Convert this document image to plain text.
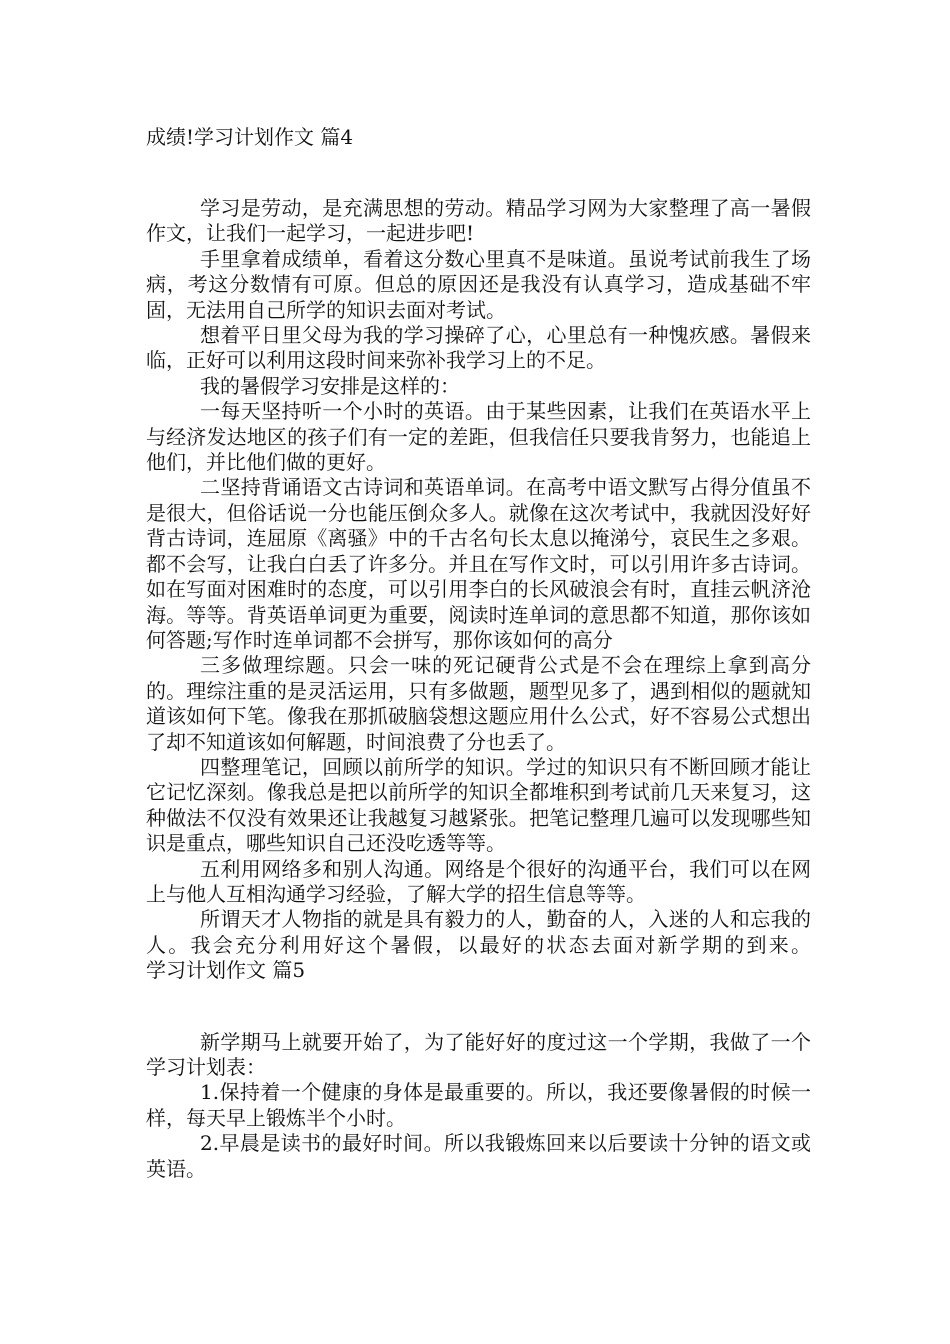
成绩!学习计划作文 篇4

学习是劳动，是充满思想的劳动。精品学习网为大家整理了高一暑假作文，让我们一起学习，一起进步吧!

手里拿着成绩单，看着这分数心里真不是味道。虽说考试前我生了场病，考这分数情有可原。但总的原因还是我没有认真学习，造成基础不牢固，无法用自己所学的知识去面对考试。

想着平日里父母为我的学习操碎了心，心里总有一种愧疚感。暑假来临，正好可以利用这段时间来弥补我学习上的不足。

我的暑假学习安排是这样的：

一每天坚持听一个小时的英语。由于某些因素，让我们在英语水平上与经济发达地区的孩子们有一定的差距，但我信任只要我肯努力，也能追上他们，并比他们做的更好。

二坚持背诵语文古诗词和英语单词。在高考中语文默写占得分值虽不是很大，但俗话说一分也能压倒众多人。就像在这次考试中，我就因没好好背古诗词，连屈原《离骚》中的千古名句长太息以掩涕兮，哀民生之多艰。都不会写，让我白白丢了许多分。并且在写作文时，可以引用许多古诗词。如在写面对困难时的态度，可以引用李白的长风破浪会有时，直挂云帆济沧海。等等。背英语单词更为重要，阅读时连单词的意思都不知道，那你该如何答题;写作时连单词都不会拼写，那你该如何的高分

三多做理综题。只会一味的死记硬背公式是不会在理综上拿到高分的。理综注重的是灵活运用，只有多做题，题型见多了，遇到相似的题就知道该如何下笔。像我在那抓破脑袋想这题应用什么公式，好不容易公式想出了却不知道该如何解题，时间浪费了分也丢了。

四整理笔记，回顾以前所学的知识。学过的知识只有不断回顾才能让它记忆深刻。像我总是把以前所学的知识全都堆积到考试前几天来复习，这种做法不仅没有效果还让我越复习越紧张。把笔记整理几遍可以发现哪些知识是重点，哪些知识自己还没吃透等等。

五利用网络多和别人沟通。网络是个很好的沟通平台，我们可以在网上与他人互相沟通学习经验，了解大学的招生信息等等。

所谓天才人物指的就是具有毅力的人，勤奋的人，入迷的人和忘我的人。我会充分利用好这个暑假，以最好的状态去面对新学期的到来。学习计划作文 篇5

新学期马上就要开始了，为了能好好的度过这一个学期，我做了一个学习计划表：

1.保持着一个健康的身体是最重要的。所以，我还要像暑假的时候一样，每天早上锻炼半个小时。

2.早晨是读书的最好时间。所以我锻炼回来以后要读十分钟的语文或英语。
